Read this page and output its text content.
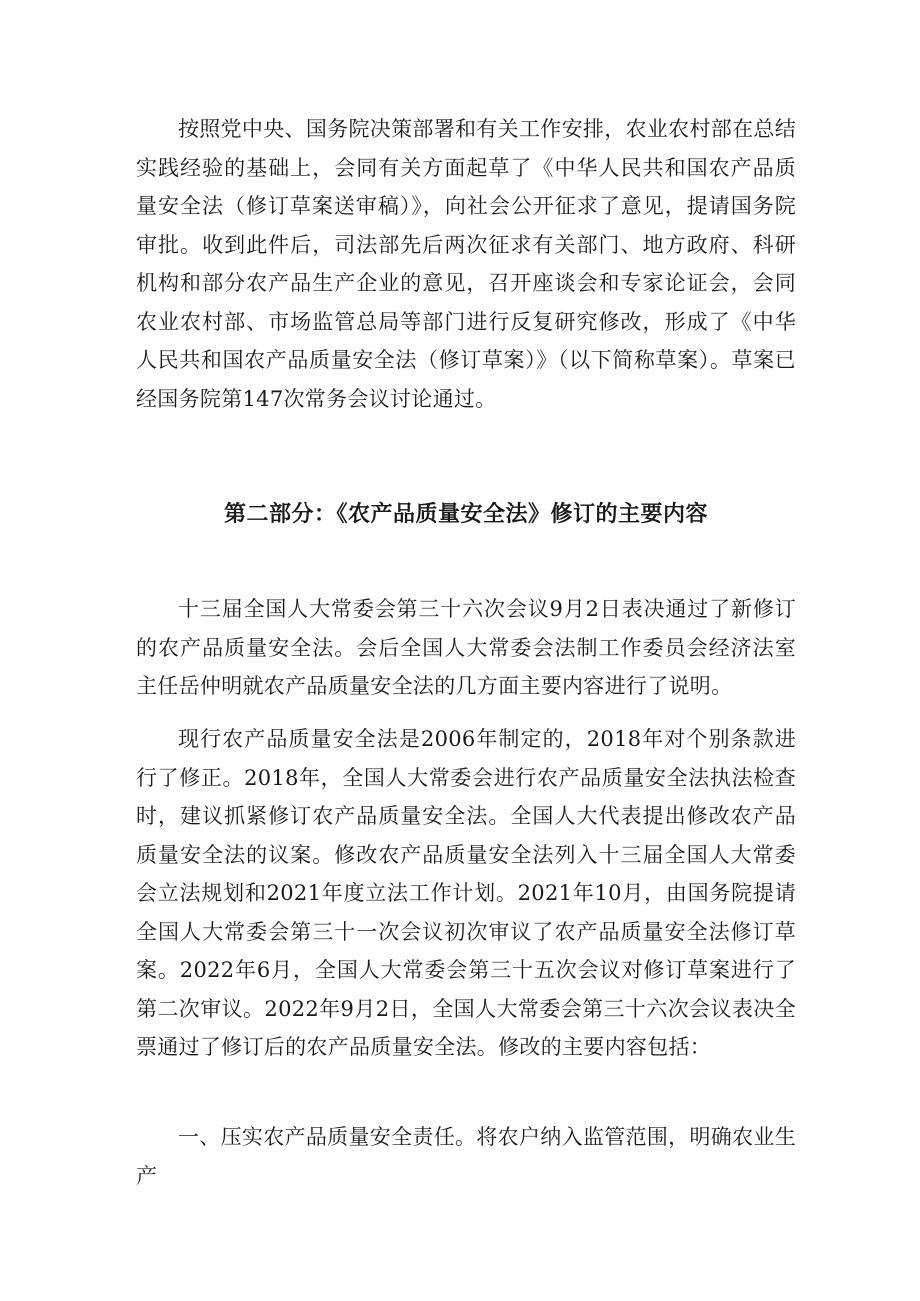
按照党中央、国务院决策部署和有关工作安排，农业农村部在总结实践经验的基础上，会同有关方面起草了《中华人民共和国农产品质量安全法（修订草案送审稿）》，向社会公开征求了意见，提请国务院审批。收到此件后，司法部先后两次征求有关部门、地方政府、科研机构和部分农产品生产企业的意见，召开座谈会和专家论证会，会同农业农村部、市场监管总局等部门进行反复研究修改，形成了《中华人民共和国农产品质量安全法（修订草案）》（以下简称草案）。草案已经国务院第147次常务会议讨论通过。

第二部分：《农产品质量安全法》修订的主要内容

十三届全国人大常委会第三十六次会议9月2日表决通过了新修订的农产品质量安全法。会后全国人大常委会法制工作委员会经济法室主任岳仲明就农产品质量安全法的几方面主要内容进行了说明。

现行农产品质量安全法是2006年制定的，2018年对个别条款进行了修正。2018年，全国人大常委会进行农产品质量安全法执法检查时，建议抓紧修订农产品质量安全法。全国人大代表提出修改农产品质量安全法的议案。修改农产品质量安全法列入十三届全国人大常委会立法规划和2021年度立法工作计划。2021年10月，由国务院提请全国人大常委会第三十一次会议初次审议了农产品质量安全法修订草案。2022年6月，全国人大常委会第三十五次会议对修订草案进行了第二次审议。2022年9月2日，全国人大常委会第三十六次会议表决全票通过了修订后的农产品质量安全法。修改的主要内容包括：

一、压实农产品质量安全责任。将农户纳入监管范围，明确农业生产
